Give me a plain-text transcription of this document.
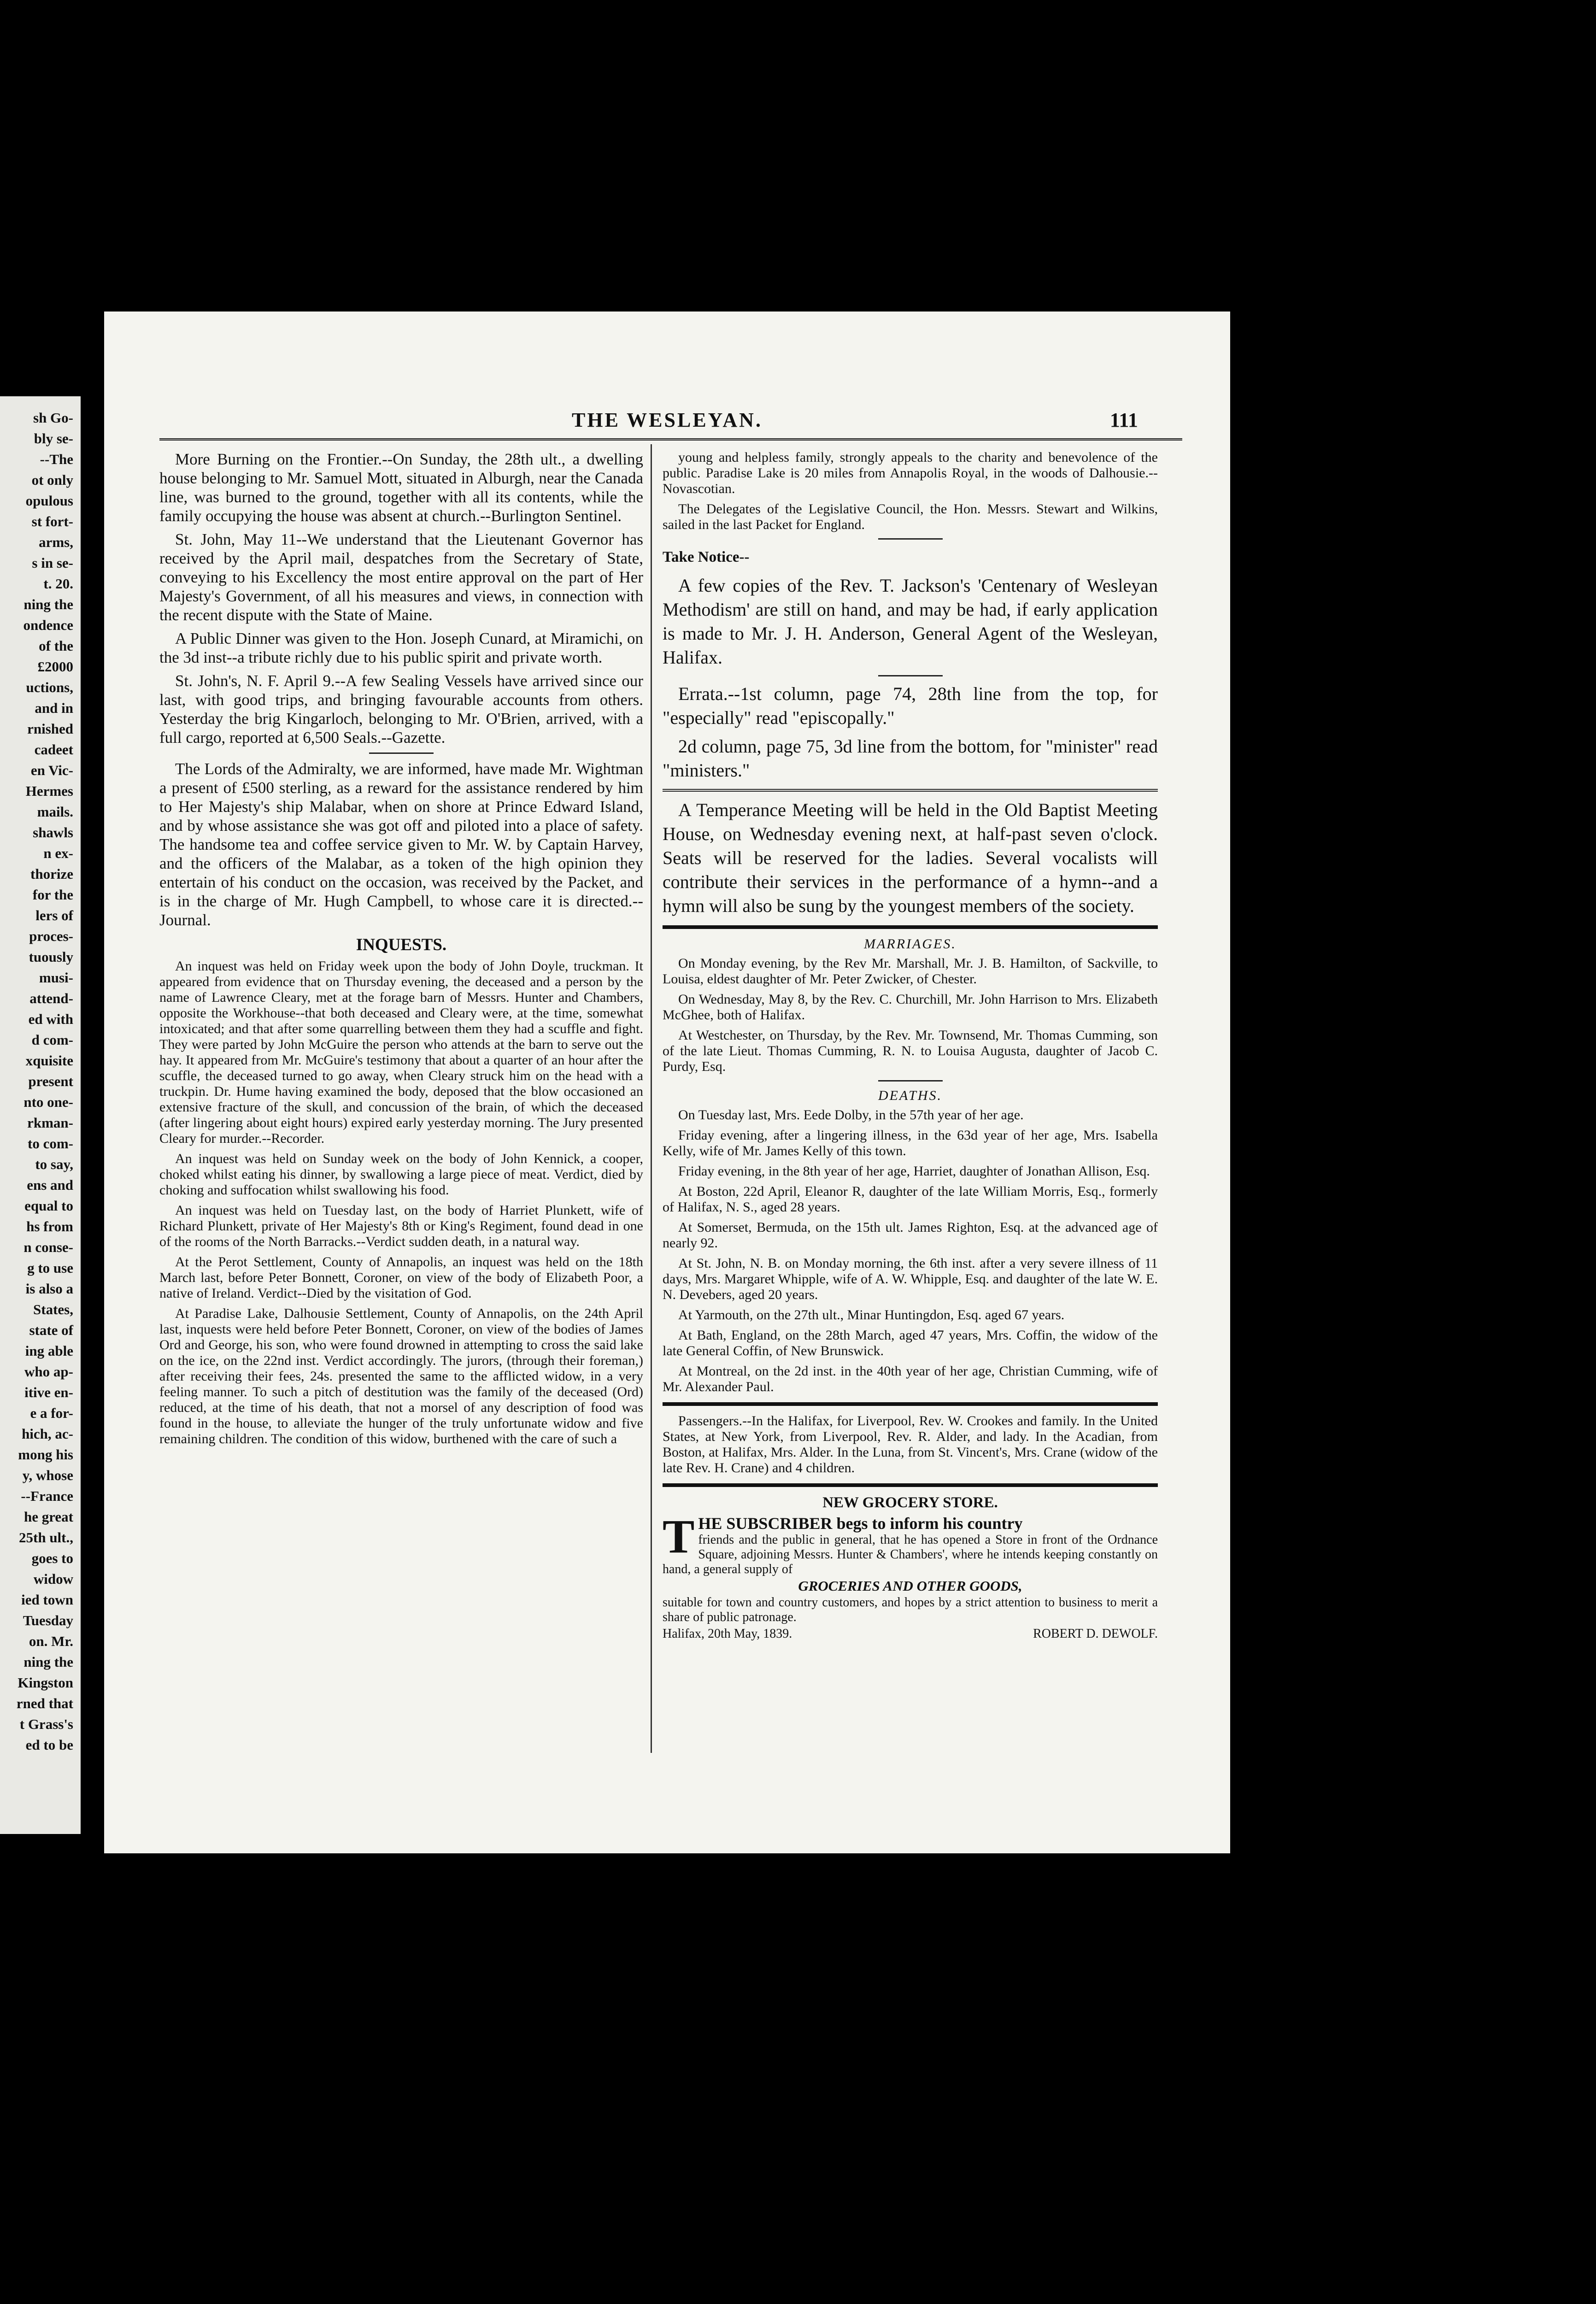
sh Go-
bly se-
--The
ot only
opulous
st fort-
arms,
s in se-
t. 20.
ning the
ondence
of the
£2000
uctions,
and in
rnished
cadeet
en Vic-
Hermes
mails.
shawls
n ex-
thorize
for the
lers of
proces-
tuously
musi-
attend-
ed with
d com-
xquisite
present
nto one-
rkman-
to com-
to say,
ens and
equal to
hs from
n conse-
g to use
is also a
States,
state of
ing able
who ap-
itive en-
e a for-
hich, ac-
mong his
y, whose
--France
he great
25th ult.,
goes to
widow
ied town
Tuesday
on. Mr.
ning the
Kingston
rned that
t Grass's
ed to be
THE WESLEYAN.	111

More Burning on the Frontier.--On Sunday, the 28th ult., a dwelling house belonging to Mr. Samuel Mott, situated in Alburgh, near the Canada line, was burned to the ground, together with all its contents, while the family occupying the house was absent at church.--Burlington Sentinel.

St. John, May 11--We understand that the Lieutenant Governor has received by the April mail, despatches from the Secretary of State, conveying to his Excellency the most entire approval on the part of Her Majesty's Government, of all his measures and views, in connection with the recent dispute with the State of Maine.

A Public Dinner was given to the Hon. Joseph Cunard, at Miramichi, on the 3d inst--a tribute richly due to his public spirit and private worth.

St. John's, N. F. April 9.--A few Sealing Vessels have arrived since our last, with good trips, and bringing favourable accounts from others. Yesterday the brig Kingarloch, belonging to Mr. O'Brien, arrived, with a full cargo, reported at 6,500 Seals.--Gazette.

The Lords of the Admiralty, we are informed, have made Mr. Wightman a present of £500 sterling, as a reward for the assistance rendered by him to Her Majesty's ship Malabar, when on shore at Prince Edward Island, and by whose assistance she was got off and piloted into a place of safety. The handsome tea and coffee service given to Mr. W. by Captain Harvey, and the officers of the Malabar, as a token of the high opinion they entertain of his conduct on the occasion, was received by the Packet, and is in the charge of Mr. Hugh Campbell, to whose care it is directed.--Journal.

INQUESTS.

An inquest was held on Friday week upon the body of John Doyle, truckman. It appeared from evidence that on Thursday evening, the deceased and a person by the name of Lawrence Cleary, met at the forage barn of Messrs. Hunter and Chambers, opposite the Workhouse--that both deceased and Cleary were, at the time, somewhat intoxicated; and that after some quarrelling between them they had a scuffle and fight. They were parted by John McGuire the person who attends at the barn to serve out the hay. It appeared from Mr. McGuire's testimony that about a quarter of an hour after the scuffle, the deceased turned to go away, when Cleary struck him on the head with a truckpin. Dr. Hume having examined the body, deposed that the blow occasioned an extensive fracture of the skull, and concussion of the brain, of which the deceased (after lingering about eight hours) expired early yesterday morning. The Jury presented Cleary for murder.--Recorder.

An inquest was held on Sunday week on the body of John Kennick, a cooper, choked whilst eating his dinner, by swallowing a large piece of meat. Verdict, died by choking and suffocation whilst swallowing his food.

An inquest was held on Tuesday last, on the body of Harriet Plunkett, wife of Richard Plunkett, private of Her Majesty's 8th or King's Regiment, found dead in one of the rooms of the North Barracks.--Verdict sudden death, in a natural way.

At the Perot Settlement, County of Annapolis, an inquest was held on the 18th March last, before Peter Bonnett, Coroner, on view of the body of Elizabeth Poor, a native of Ireland. Verdict--Died by the visitation of God.

At Paradise Lake, Dalhousie Settlement, County of Annapolis, on the 24th April last, inquests were held before Peter Bonnett, Coroner, on view of the bodies of James Ord and George, his son, who were found drowned in attempting to cross the said lake on the ice, on the 22nd inst. Verdict accordingly. The jurors, (through their foreman,) after receiving their fees, 24s. presented the same to the afflicted widow, in a very feeling manner. To such a pitch of destitution was the family of the deceased (Ord) reduced, at the time of his death, that not a morsel of any description of food was found in the house, to alleviate the hunger of the truly unfortunate widow and five remaining children. The condition of this widow, burthened with the care of such a

young and helpless family, strongly appeals to the charity and benevolence of the public. Paradise Lake is 20 miles from Annapolis Royal, in the woods of Dalhousie.--Novascotian.

The Delegates of the Legislative Council, the Hon. Messrs. Stewart and Wilkins, sailed in the last Packet for England.

Take Notice--

A few copies of the Rev. T. Jackson's 'Centenary of Wesleyan Methodism' are still on hand, and may be had, if early application is made to Mr. J. H. Anderson, General Agent of the Wesleyan, Halifax.

Errata.--1st column, page 74, 28th line from the top, for "especially" read "episcopally."

2d column, page 75, 3d line from the bottom, for "minister" read "ministers."

A Temperance Meeting will be held in the Old Baptist Meeting House, on Wednesday evening next, at half-past seven o'clock. Seats will be reserved for the ladies. Several vocalists will contribute their services in the performance of a hymn--and a hymn will also be sung by the youngest members of the society.

MARRIAGES.

On Monday evening, by the Rev Mr. Marshall, Mr. J. B. Hamilton, of Sackville, to Louisa, eldest daughter of Mr. Peter Zwicker, of Chester.

On Wednesday, May 8, by the Rev. C. Churchill, Mr. John Harrison to Mrs. Elizabeth McGhee, both of Halifax.

At Westchester, on Thursday, by the Rev. Mr. Townsend, Mr. Thomas Cumming, son of the late Lieut. Thomas Cumming, R. N. to Louisa Augusta, daughter of Jacob C. Purdy, Esq.

DEATHS.

On Tuesday last, Mrs. Eede Dolby, in the 57th year of her age.

Friday evening, after a lingering illness, in the 63d year of her age, Mrs. Isabella Kelly, wife of Mr. James Kelly of this town.

Friday evening, in the 8th year of her age, Harriet, daughter of Jonathan Allison, Esq.

At Boston, 22d April, Eleanor R, daughter of the late William Morris, Esq., formerly of Halifax, N. S., aged 28 years.

At Somerset, Bermuda, on the 15th ult. James Righton, Esq. at the advanced age of nearly 92.

At St. John, N. B. on Monday morning, the 6th inst. after a very severe illness of 11 days, Mrs. Margaret Whipple, wife of A. W. Whipple, Esq. and daughter of the late W. E. N. Devebers, aged 20 years.

At Yarmouth, on the 27th ult., Minar Huntingdon, Esq. aged 67 years.

At Bath, England, on the 28th March, aged 47 years, Mrs. Coffin, the widow of the late General Coffin, of New Brunswick.

At Montreal, on the 2d inst. in the 40th year of her age, Christian Cumming, wife of Mr. Alexander Paul.

Passengers.--In the Halifax, for Liverpool, Rev. W. Crookes and family. In the United States, at New York, from Liverpool, Rev. R. Alder, and lady. In the Acadian, from Boston, at Halifax, Mrs. Alder. In the Luna, from St. Vincent's, Mrs. Crane (widow of the late Rev. H. Crane) and 4 children.

NEW GROCERY STORE.
T HE SUBSCRIBER begs to inform his country
friends and the public in general, that he has opened a Store in front of the Ordnance Square, adjoining Messrs. Hunter & Chambers', where he intends keeping constantly on hand, a general supply of
GROCERIES AND OTHER GOODS,
suitable for town and country customers, and hopes by a strict attention to business to merit a share of public patronage.
Halifax, 20th May, 1839.	ROBERT D. DEWOLF.
